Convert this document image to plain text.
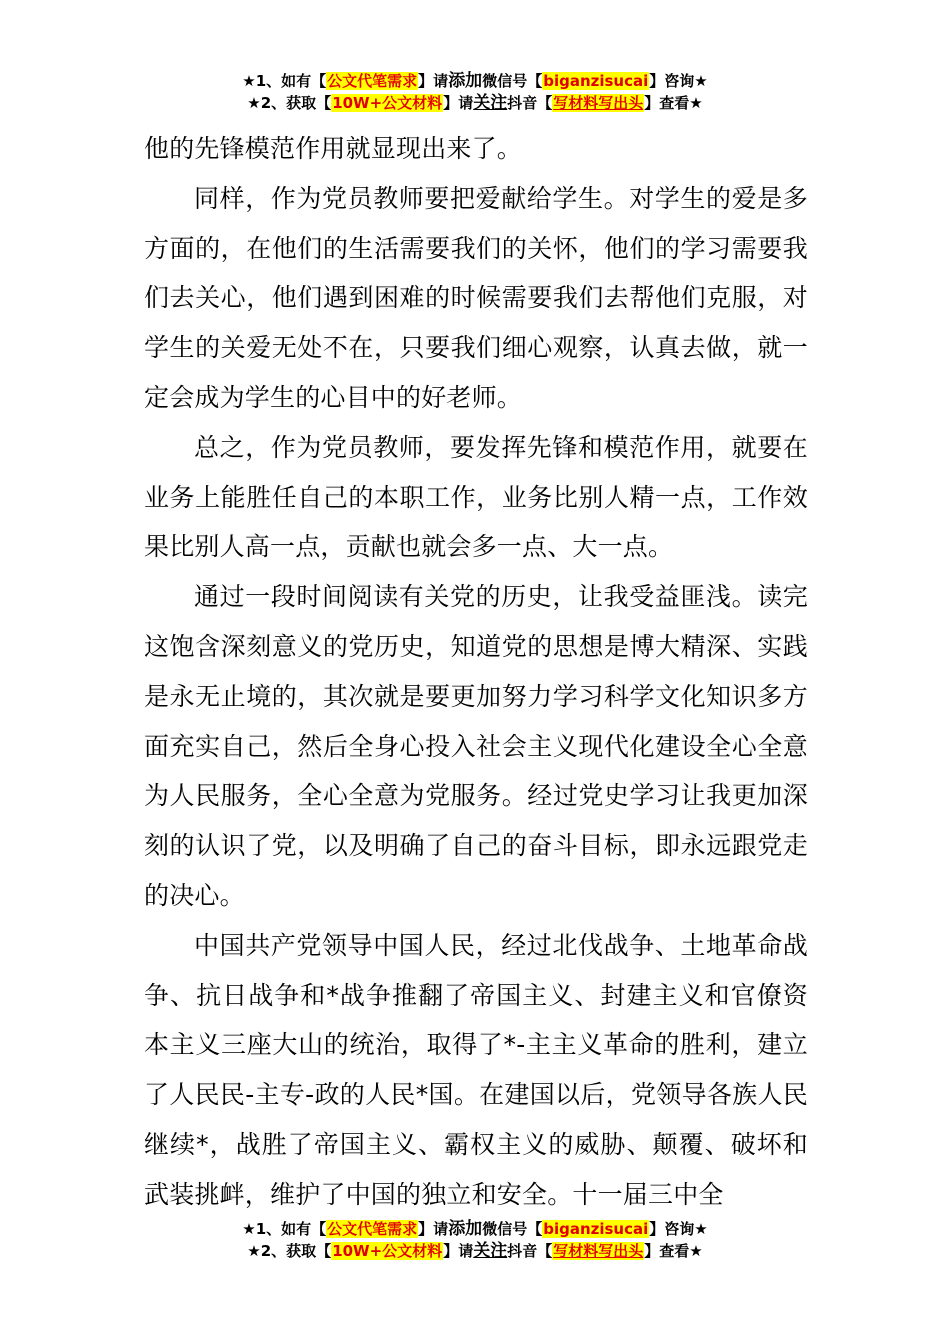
★1、如有【公文代笔需求】请添加微信号【biganzisucai】咨询★
★2、获取【10W+公文材料】请关注抖音【写材料写出头】查看★

他的先锋模范作用就显现出来了。

同样，作为党员教师要把爱献给学生。对学生的爱是多方面的，在他们的生活需要我们的关怀，他们的学习需要我们去关心，他们遇到困难的时候需要我们去帮他们克服，对学生的关爱无处不在，只要我们细心观察，认真去做，就一定会成为学生的心目中的好老师。

总之，作为党员教师，要发挥先锋和模范作用，就要在业务上能胜任自己的本职工作，业务比别人精一点，工作效果比别人高一点，贡献也就会多一点、大一点。

通过一段时间阅读有关党的历史，让我受益匪浅。读完这饱含深刻意义的党历史，知道党的思想是博大精深、实践是永无止境的，其次就是要更加努力学习科学文化知识多方面充实自己，然后全身心投入社会主义现代化建设全心全意为人民服务，全心全意为党服务。经过党史学习让我更加深刻的认识了党，以及明确了自己的奋斗目标，即永远跟党走的决心。

中国共产党领导中国人民，经过北伐战争、土地革命战争、抗日战争和*战争推翻了帝国主义、封建主义和官僚资本主义三座大山的统治，取得了*-主主义革命的胜利，建立了人民民-主专-政的人民*国。在建国以后，党领导各族人民继续*，战胜了帝国主义、霸权主义的威胁、颠覆、破坏和武装挑衅，维护了中国的独立和安全。十一届三中全

★1、如有【公文代笔需求】请添加微信号【biganzisucai】咨询★
★2、获取【10W+公文材料】请关注抖音【写材料写出头】查看★
